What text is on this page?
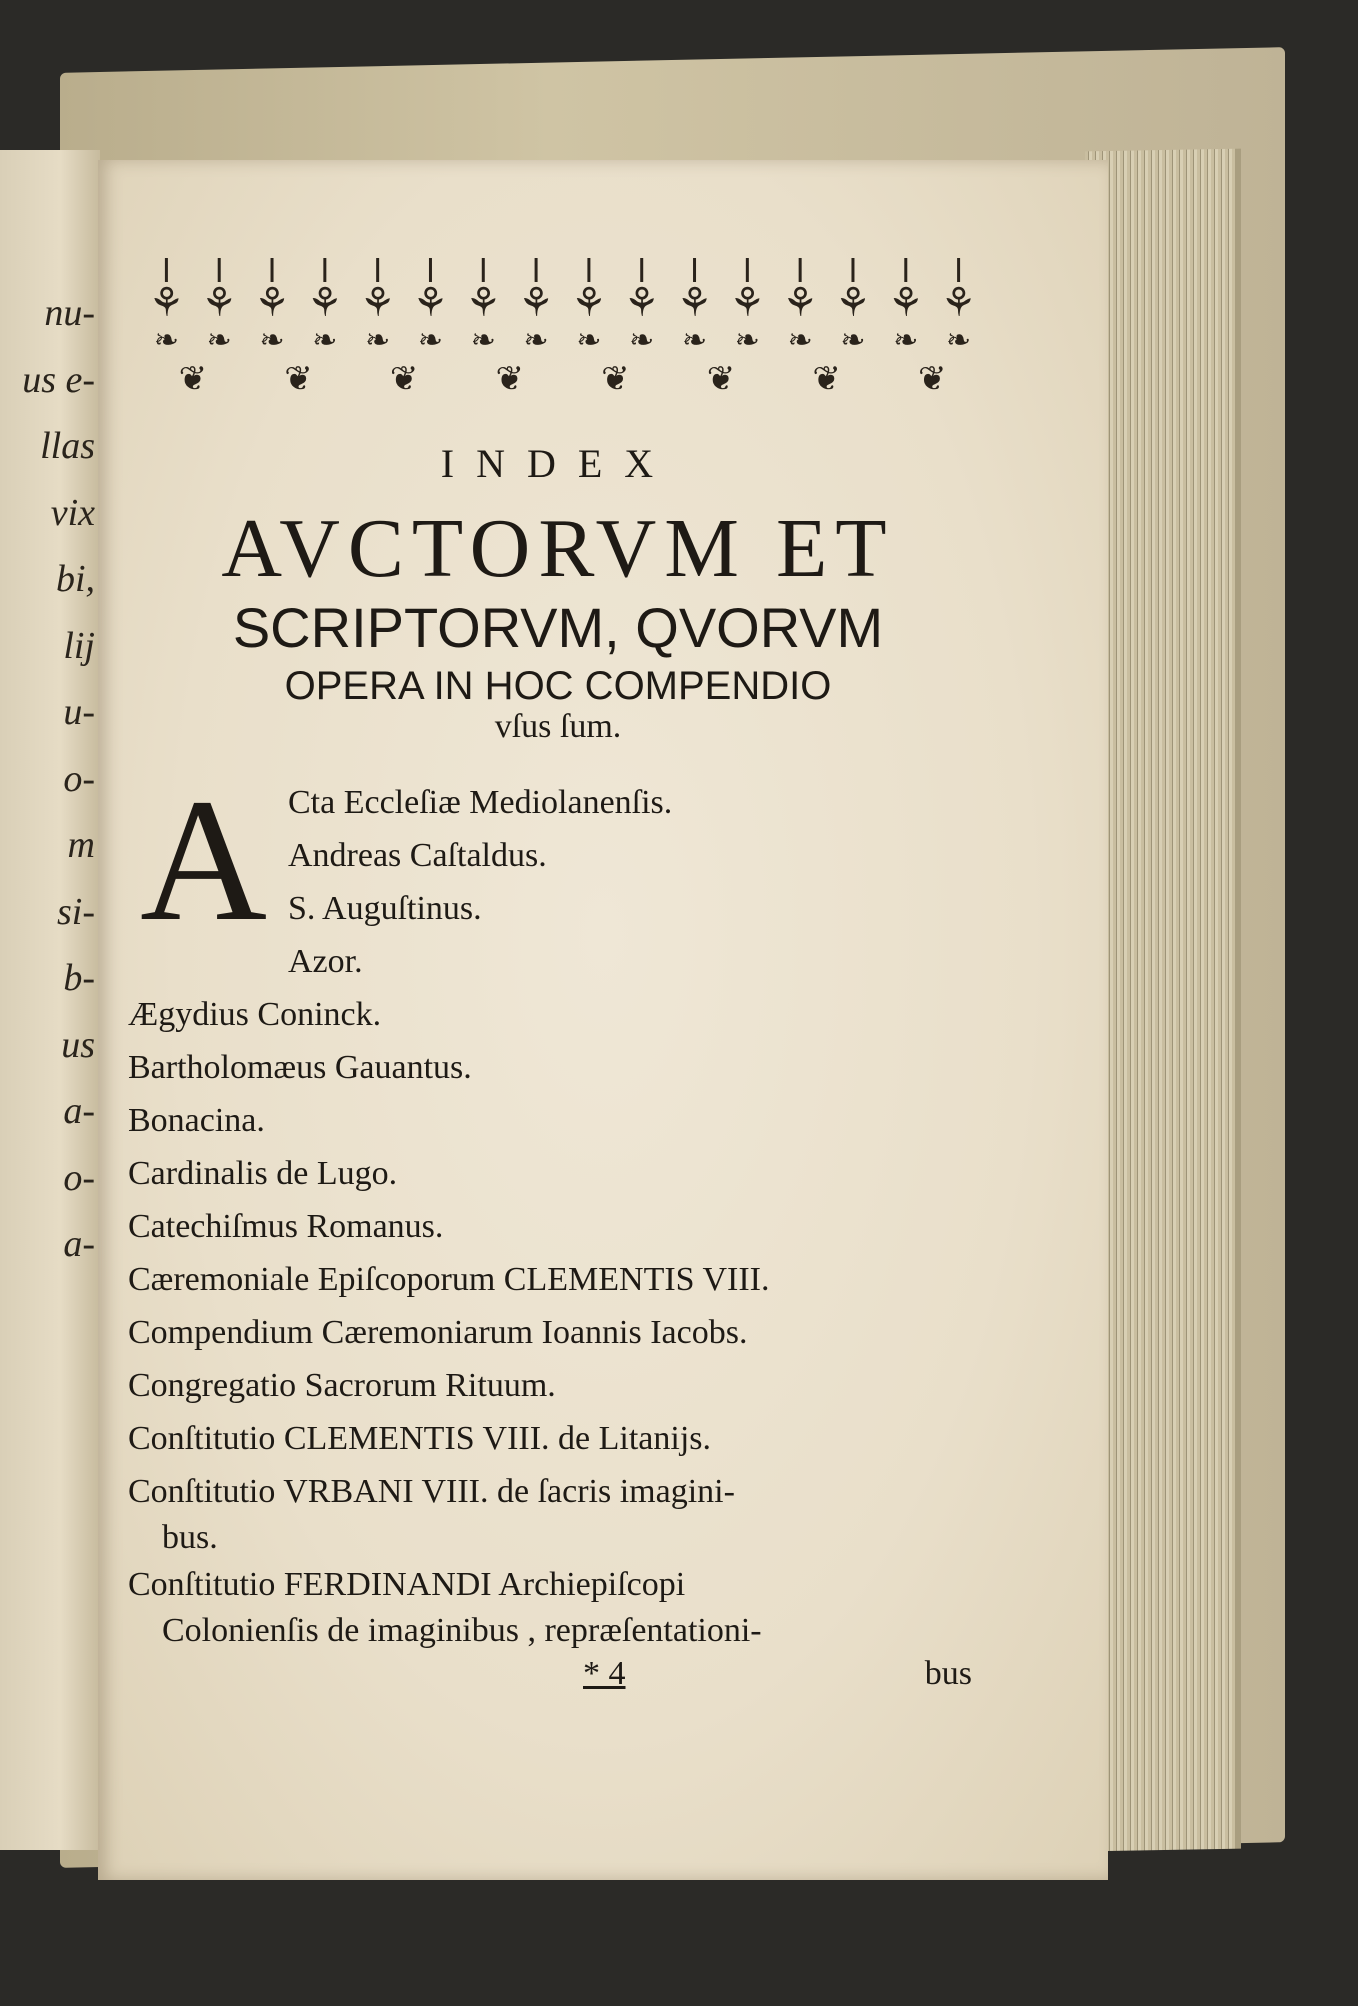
nu-
us e-
llas
vix
bi,
lij
u-
o-
m
si-
b-
us
a-
o-
a-
⚘
❧
⚘
❧
⚘
❧
⚘
❧
⚘
❧
⚘
❧
⚘
❧
⚘
❧
⚘
❧
⚘
❧
⚘
❧
⚘
❧
⚘
❧
⚘
❧
⚘
❧
⚘
❧
❦ ❦ ❦ ❦ ❦ ❦ ❦ ❦
INDEX
AVCTORVM ET
SCRIPTORVM, QVORVM
OPERA IN HOC COMPENDIO
vſus ſum.
A Cta Eccleſiæ Mediolanenſis.
Andreas Caſtaldus.
S. Auguſtinus.
Azor.
Ægydius Coninck.
Bartholomæus Gauantus.
Bonacina.
Cardinalis de Lugo.
Catechiſmus Romanus.
Cæremoniale Epiſcoporum CLEMENTIS VIII.
Compendium Cæremoniarum Ioannis Iacobs.
Congregatio Sacrorum Rituum.
Conſtitutio CLEMENTIS VIII. de Litanijs.
Conſtitutio VRBANI VIII. de ſacris imagini-
bus.
Conſtitutio FERDINANDI Archiepiſcopi
Colonienſis de imaginibus , repræſentationi-
* 4	bus
